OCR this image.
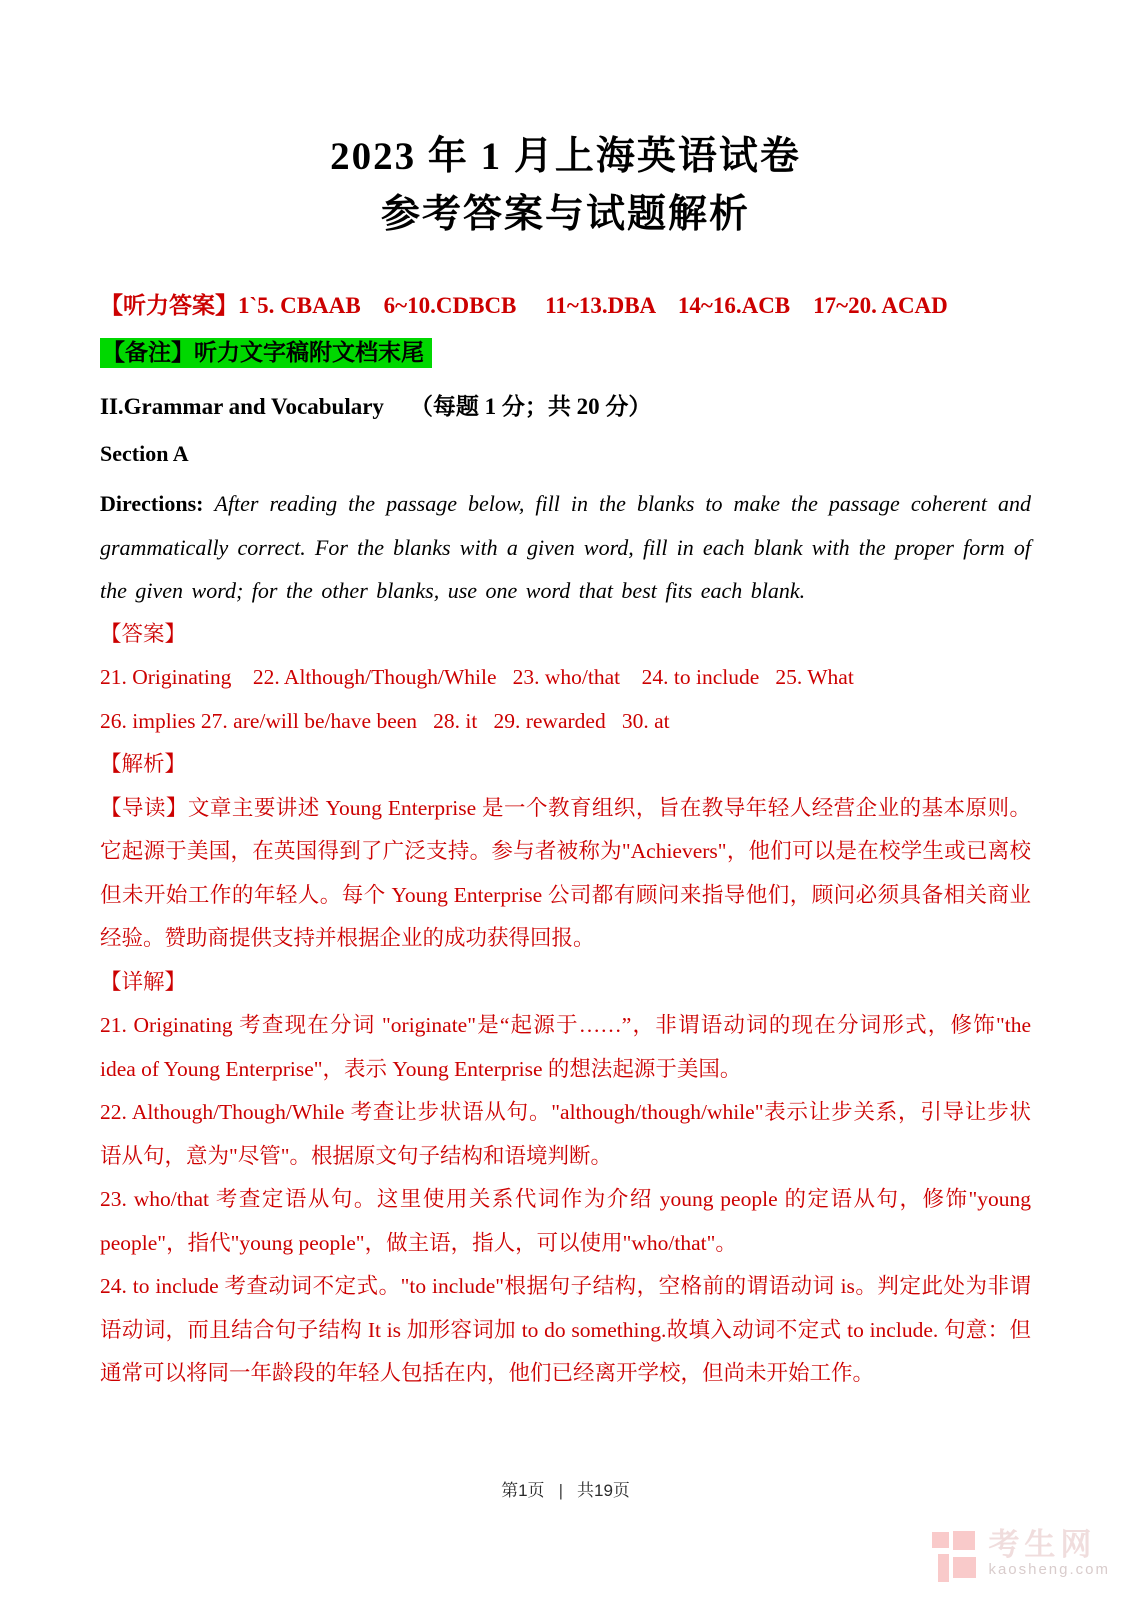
2023 年 1 月上海英语试卷
参考答案与试题解析

【听力答案】1`5. CBAAB    6~10.CDBCB     11~13.DBA    14~16.ACB    17~20. ACAD

【备注】听力文字稿附文档末尾

II.Grammar and Vocabulary （每题 1 分；共 20 分）

Section A

Directions: After reading the passage below, fill in the blanks to make the passage coherent and grammatically correct. For the blanks with a given word, fill in each blank with the proper form of the given word; for the other blanks, use one word that best fits each blank.

【答案】

21. Originating    22. Although/Though/While   23. who/that    24. to include   25. What

26. implies 27. are/will be/have been   28. it   29. rewarded   30. at

【解析】

【导读】文章主要讲述 Young Enterprise 是一个教育组织，旨在教导年轻人经营企业的基本原则。它起源于美国，在英国得到了广泛支持。参与者被称为"Achievers"，他们可以是在校学生或已离校但未开始工作的年轻人。每个 Young Enterprise 公司都有顾问来指导他们，顾问必须具备相关商业经验。赞助商提供支持并根据企业的成功获得回报。

【详解】

21. Originating 考查现在分词 "originate"是“起源于……”，非谓语动词的现在分词形式，修饰"the idea of Young Enterprise"，表示 Young Enterprise 的想法起源于美国。

22. Although/Though/While 考查让步状语从句。"although/though/while"表示让步关系，引导让步状语从句，意为"尽管"。根据原文句子结构和语境判断。

23. who/that 考查定语从句。这里使用关系代词作为介绍 young people 的定语从句，修饰"young people"，指代"young people"，做主语，指人，可以使用"who/that"。

24. to include 考查动词不定式。"to include"根据句子结构，空格前的谓语动词 is。判定此处为非谓语动词，而且结合句子结构 It is 加形容词加 to do something.故填入动词不定式 to include. 句意：但通常可以将同一年龄段的年轻人包括在内，他们已经离开学校，但尚未开始工作。

第1页 | 共19页
考生网
kaosheng.com
